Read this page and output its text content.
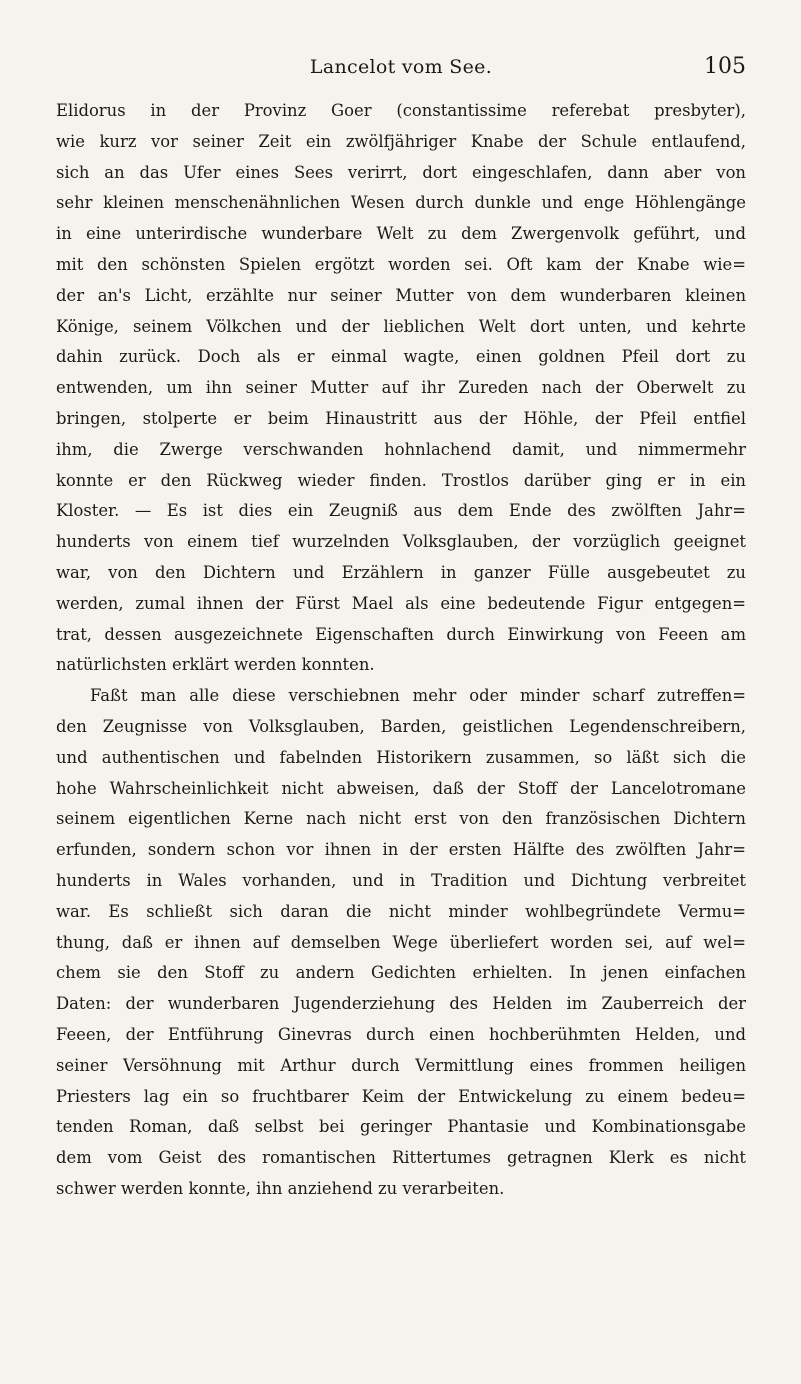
Lancelot vom See.	105
Elidorus in der Provinz Goer (constantissime referebat presbyter),
wie kurz vor seiner Zeit ein zwölfjähriger Knabe der Schule entlaufend,
sich an das Ufer eines Sees verirrt, dort eingeschlafen, dann aber von
sehr kleinen menschenähnlichen Wesen durch dunkle und enge Höhlengänge
in eine unterirdische wunderbare Welt zu dem Zwergenvolk geführt, und
mit den schönsten Spielen ergötzt worden sei. Oft kam der Knabe wie=
der an's Licht, erzählte nur seiner Mutter von dem wunderbaren kleinen
Könige, seinem Völkchen und der lieblichen Welt dort unten, und kehrte
dahin zurück. Doch als er einmal wagte, einen goldnen Pfeil dort zu
entwenden, um ihn seiner Mutter auf ihr Zureden nach der Oberwelt zu
bringen, stolperte er beim Hinaustritt aus der Höhle, der Pfeil entfiel
ihm, die Zwerge verschwanden hohnlachend damit, und nimmermehr
konnte er den Rückweg wieder finden. Trostlos darüber ging er in ein
Kloster. — Es ist dies ein Zeugniß aus dem Ende des zwölften Jahr=
hunderts von einem tief wurzelnden Volksglauben, der vorzüglich geeignet
war, von den Dichtern und Erzählern in ganzer Fülle ausgebeutet zu
werden, zumal ihnen der Fürst Mael als eine bedeutende Figur entgegen=
trat, dessen ausgezeichnete Eigenschaften durch Einwirkung von Feeen am
natürlichsten erklärt werden konnten.
Faßt man alle diese verschiebnen mehr oder minder scharf zutreffen=
den Zeugnisse von Volksglauben, Barden, geistlichen Legendenschreibern,
und authentischen und fabelnden Historikern zusammen, so läßt sich die
hohe Wahrscheinlichkeit nicht abweisen, daß der Stoff der Lancelotromane
seinem eigentlichen Kerne nach nicht erst von den französischen Dichtern
erfunden, sondern schon vor ihnen in der ersten Hälfte des zwölften Jahr=
hunderts in Wales vorhanden, und in Tradition und Dichtung verbreitet
war. Es schließt sich daran die nicht minder wohlbegründete Vermu=
thung, daß er ihnen auf demselben Wege überliefert worden sei, auf wel=
chem sie den Stoff zu andern Gedichten erhielten. In jenen einfachen
Daten: der wunderbaren Jugenderziehung des Helden im Zauberreich der
Feeen, der Entführung Ginevras durch einen hochberühmten Helden, und
seiner Versöhnung mit Arthur durch Vermittlung eines frommen heiligen
Priesters lag ein so fruchtbarer Keim der Entwickelung zu einem bedeu=
tenden Roman, daß selbst bei geringer Phantasie und Kombinationsgabe
dem vom Geist des romantischen Rittertumes getragnen Klerk es nicht
schwer werden konnte, ihn anziehend zu verarbeiten.
